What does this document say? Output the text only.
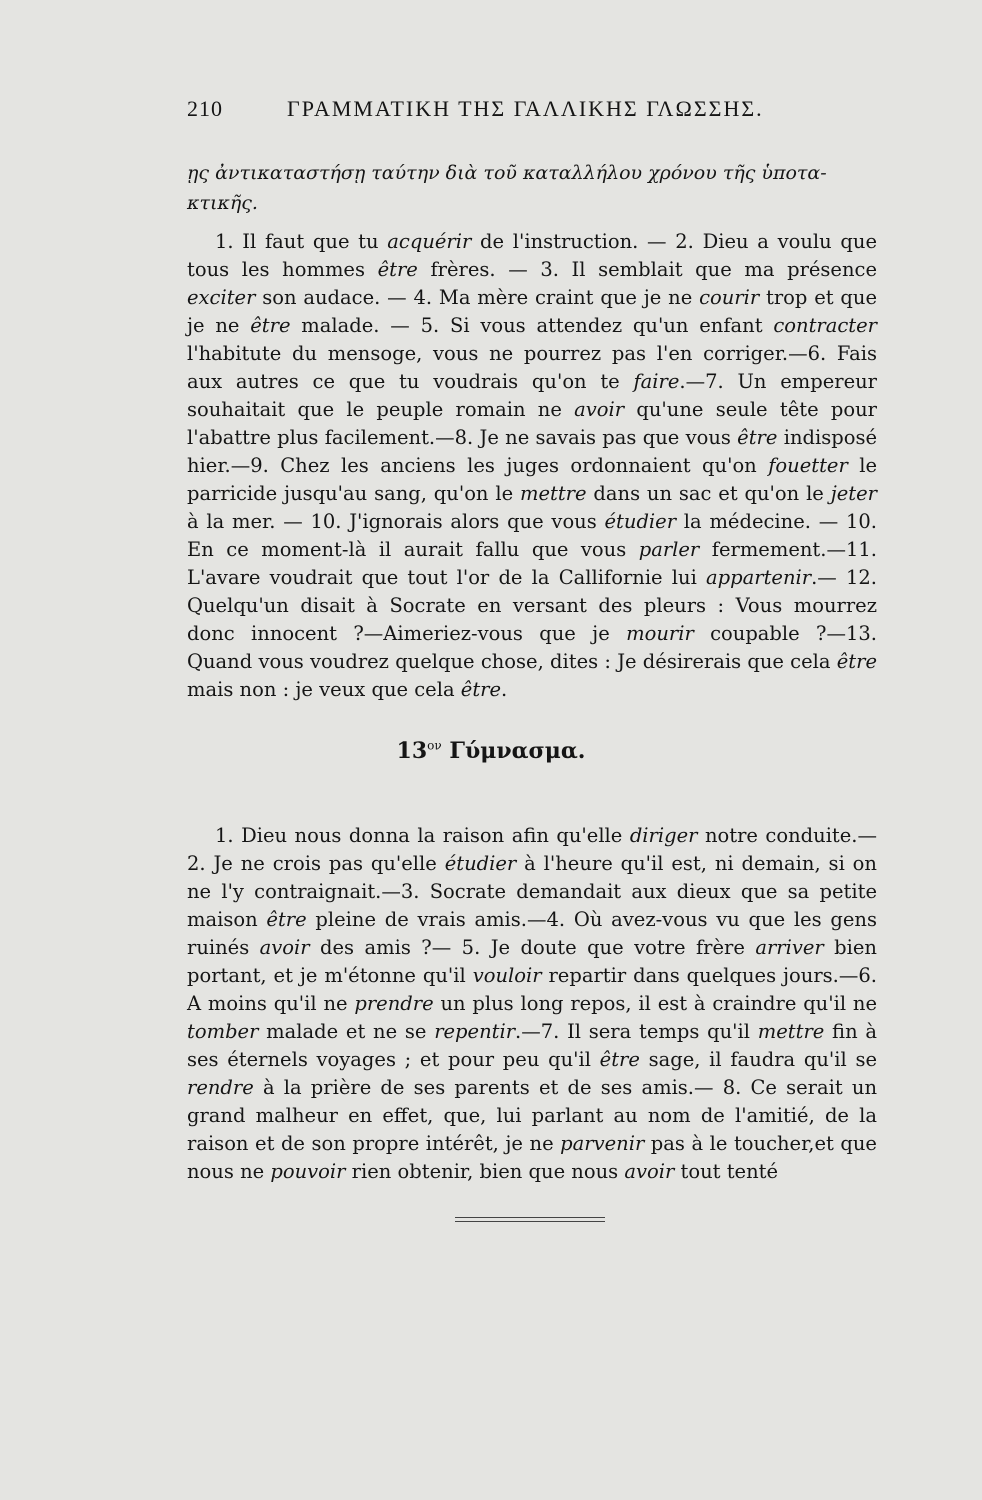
210	ΓΡΑΜΜΑΤΙΚΗ ΤΗΣ ΓΑΛΛΙΚΗΣ ΓΛΩΣΣΗΣ.
ῃς ἀντικαταστήσῃ ταύτην διὰ τοῦ καταλλήλου χρόνου τῆς ὑποτα-
κτικῆς.

1. Il faut que tu acquérir de l'instruction. — 2. Dieu a voulu que tous les hommes être frères. — 3. Il semblait que ma présence exciter son audace. — 4. Ma mère craint que je ne courir trop et que je ne être malade. — 5. Si vous attendez qu'un enfant contracter l'habitute du mensoge, vous ne pourrez pas l'en corriger.—6. Fais aux autres ce que tu voudrais qu'on te faire.—7. Un empereur souhaitait que le peuple romain ne avoir qu'une seule tête pour l'abattre plus facilement.—8. Je ne savais pas que vous être indisposé hier.—9. Chez les anciens les juges ordonnaient qu'on fouetter le parricide jusqu'au sang, qu'on le mettre dans un sac et qu'on le jeter à la mer. — 10. J'ignorais alors que vous étudier la médecine. — 10. En ce moment-là il aurait fallu que vous parler fermement.—11. L'avare voudrait que tout l'or de la Callifornie lui appartenir.— 12. Quelqu'un disait à Socrate en versant des pleurs : Vous mourrez donc innocent ?—Aimeriez-vous que je mourir coupable ?—13. Quand vous voudrez quelque chose, dites : Je désirerais que cela être mais non : je veux que cela être.

$13^{o\nu}$ Γύμνασμα.

1. Dieu nous donna la raison afin qu'elle diriger notre conduite.— 2. Je ne crois pas qu'elle étudier à l'heure qu'il est, ni demain, si on ne l'y contraignait.—3. Socrate demandait aux dieux que sa petite maison être pleine de vrais amis.—4. Où avez-vous vu que les gens ruinés avoir des amis ?— 5. Je doute que votre frère arriver bien portant, et je m'étonne qu'il vouloir repartir dans quelques jours.—6. A moins qu'il ne prendre un plus long repos, il est à craindre qu'il ne tomber malade et ne se repentir.—7. Il sera temps qu'il mettre fin à ses éternels voyages ; et pour peu qu'il être sage, il faudra qu'il se rendre à la prière de ses parents et de ses amis.— 8. Ce serait un grand malheur en effet, que, lui parlant au nom de l'amitié, de la raison et de son propre intérêt, je ne parvenir pas à le toucher,et que nous ne pouvoir rien obtenir, bien que nous avoir tout tenté
